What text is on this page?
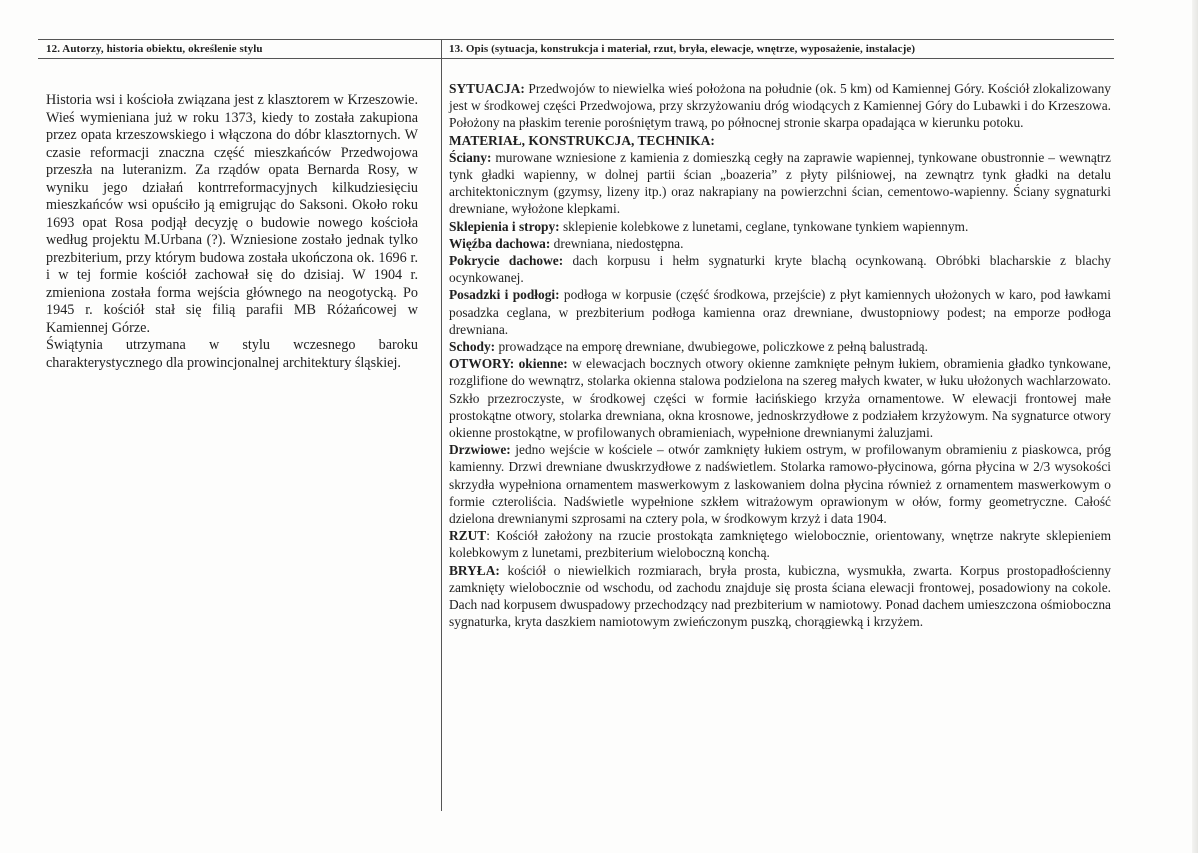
12. Autorzy, historia obiektu, określenie stylu	13. Opis (sytuacja, konstrukcja i materiał, rzut, bryła, elewacje, wnętrze, wyposażenie, instalacje)

Historia wsi i kościoła związana jest z klasztorem w Krzeszowie. Wieś wymieniana już w roku 1373, kiedy to została zakupiona przez opata krzeszowskiego i włączona do dóbr klasztornych. W czasie reformacji znaczna część mieszkańców Przedwojowa przeszła na luteranizm. Za rządów opata Bernarda Rosy, w wyniku jego działań kontrreformacyjnych kilkudziesięciu mieszkańców wsi opuściło ją emigrując do Saksoni. Około roku 1693 opat Rosa podjął decyzję o budowie nowego kościoła według projektu M.Urbana (?). Wzniesione zostało jednak tylko prezbiterium, przy którym budowa została ukończona ok. 1696 r. i w tej formie kościół zachował się do dzisiaj. W 1904 r. zmieniona została forma wejścia głównego na neogotycką. Po 1945 r. kościół stał się filią parafii MB Różańcowej w Kamiennej Górze.

Świątynia utrzymana w stylu wczesnego baroku charakterystycznego dla prowincjonalnej architektury śląskiej.

SYTUACJA: Przedwojów to niewielka wieś położona na południe (ok. 5 km) od Kamiennej Góry. Kościół zlokalizowany jest w środkowej części Przedwojowa, przy skrzyżowaniu dróg wiodących z Kamiennej Góry do Lubawki i do Krzeszowa. Położony na płaskim terenie porośniętym trawą, po północnej stronie skarpa opadająca w kierunku potoku.

MATERIAŁ, KONSTRUKCJA, TECHNIKA:

Ściany: murowane wzniesione z kamienia z domieszką cegły na zaprawie wapiennej, tynkowane obustronnie – wewnątrz tynk gładki wapienny, w dolnej partii ścian „boazeria” z płyty pilśniowej, na zewnątrz tynk gładki na detalu architektonicznym (gzymsy, lizeny itp.) oraz nakrapiany na powierzchni ścian, cementowo-wapienny. Ściany sygnaturki drewniane, wyłożone klepkami.

Sklepienia i stropy: sklepienie kolebkowe z lunetami, ceglane, tynkowane tynkiem wapiennym.

Więźba dachowa: drewniana, niedostępna.

Pokrycie dachowe: dach korpusu i hełm sygnaturki kryte blachą ocynkowaną. Obróbki blacharskie z blachy ocynkowanej.

Posadzki i podłogi: podłoga w korpusie (część środkowa, przejście) z płyt kamiennych ułożonych w karo, pod ławkami posadzka ceglana, w prezbiterium podłoga kamienna oraz drewniane, dwustopniowy podest; na emporze podłoga drewniana.

Schody: prowadzące na emporę drewniane, dwubiegowe, policzkowe z pełną balustradą.

OTWORY: okienne: w elewacjach bocznych otwory okienne zamknięte pełnym łukiem, obramienia gładko tynkowane, rozglifione do wewnątrz, stolarka okienna stalowa podzielona na szereg małych kwater, w łuku ułożonych wachlarzowato. Szkło przezroczyste, w środkowej części w formie łacińskiego krzyża ornamentowe. W elewacji frontowej małe prostokątne otwory, stolarka drewniana, okna krosnowe, jednoskrzydłowe z podziałem krzyżowym. Na sygnaturce otwory okienne prostokątne, w profilowanych obramieniach, wypełnione drewnianymi żaluzjami.

Drzwiowe: jedno wejście w kościele – otwór zamknięty łukiem ostrym, w profilowanym obramieniu z piaskowca, próg kamienny. Drzwi drewniane dwuskrzydłowe z nadświetlem. Stolarka ramowo-płycinowa, górna płycina w 2/3 wysokości skrzydła wypełniona ornamentem maswerkowym z laskowaniem dolna płycina również z ornamentem maswerkowym o formie czteroliścia. Nadświetle wypełnione szkłem witrażowym oprawionym w ołów, formy geometryczne. Całość dzielona drewnianymi szprosami na cztery pola, w środkowym krzyż i data 1904.

RZUT: Kościół założony na rzucie prostokąta zamkniętego wielobocznie, orientowany, wnętrze nakryte sklepieniem kolebkowym z lunetami, prezbiterium wieloboczną konchą.

BRYŁA: kościół o niewielkich rozmiarach, bryła prosta, kubiczna, wysmukła, zwarta. Korpus prostopadłościenny zamknięty wielobocznie od wschodu, od zachodu znajduje się prosta ściana elewacji frontowej, posadowiony na cokole. Dach nad korpusem dwuspadowy przechodzący nad prezbiterium w namiotowy. Ponad dachem umieszczona ośmioboczna sygnaturka, kryta daszkiem namiotowym zwieńczonym puszką, chorągiewką i krzyżem.
